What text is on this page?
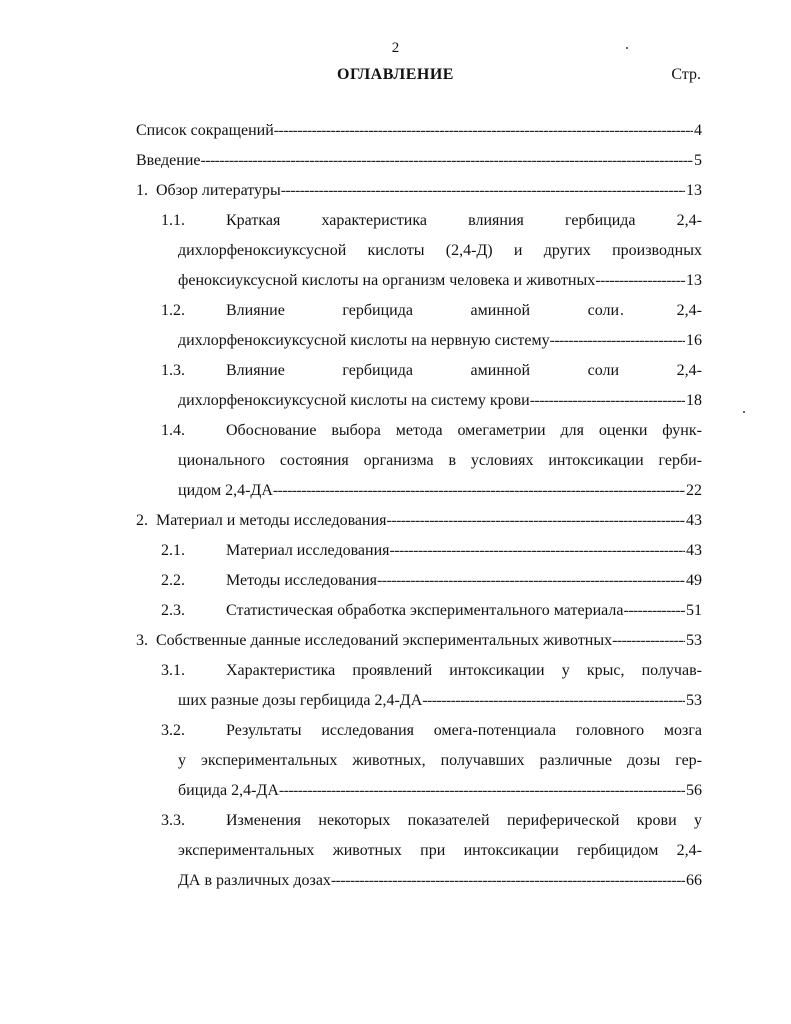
2
ОГЛАВЛЕНИЕ	Стр.
Список сокращений -----	4
Введение -----	5
1. Обзор литературы -----	13
1.1.	Краткая	характеристика	влияния	гербицида	2,4-
дихлорфеноксиуксусной кислоты (2,4-Д) и других производных
феноксиуксусной кислоты на организм человека и животных -----	13
1.2.	Влияние	гербицида	аминной	соли	2,4-
дихлорфеноксиуксусной кислоты на нервную систему -----	16
1.3.	Влияние	гербицида	аминной	соли	2,4-
дихлорфеноксиуксусной кислоты на систему крови -----	18
1.4.	Обоснование выбора метода омегаметрии для оценки функ-
ционального состояния организма в условиях интоксикации герби-
цидом 2,4-ДА -----	22
2. Материал и методы исследования -----	43
2.1.	Материал исследования -----	43
2.2.	Методы исследования -----	49
2.3.	Статистическая обработка экспериментального материала -----	51
3. Собственные данные исследований экспериментальных животных -----	53
3.1.	Характеристика проявлений интоксикации у крыс, получав-
ших разные дозы гербицида 2,4-ДА -----	53
3.2.	Результаты исследования омега-потенциала головного мозга
у экспериментальных животных, получавших различные дозы гер-
бицида 2,4-ДА -----	56
3.3.	Изменения некоторых показателей периферической крови у
экспериментальных животных при интоксикации гербицидом 2,4-
ДА в различных дозах -----	66
